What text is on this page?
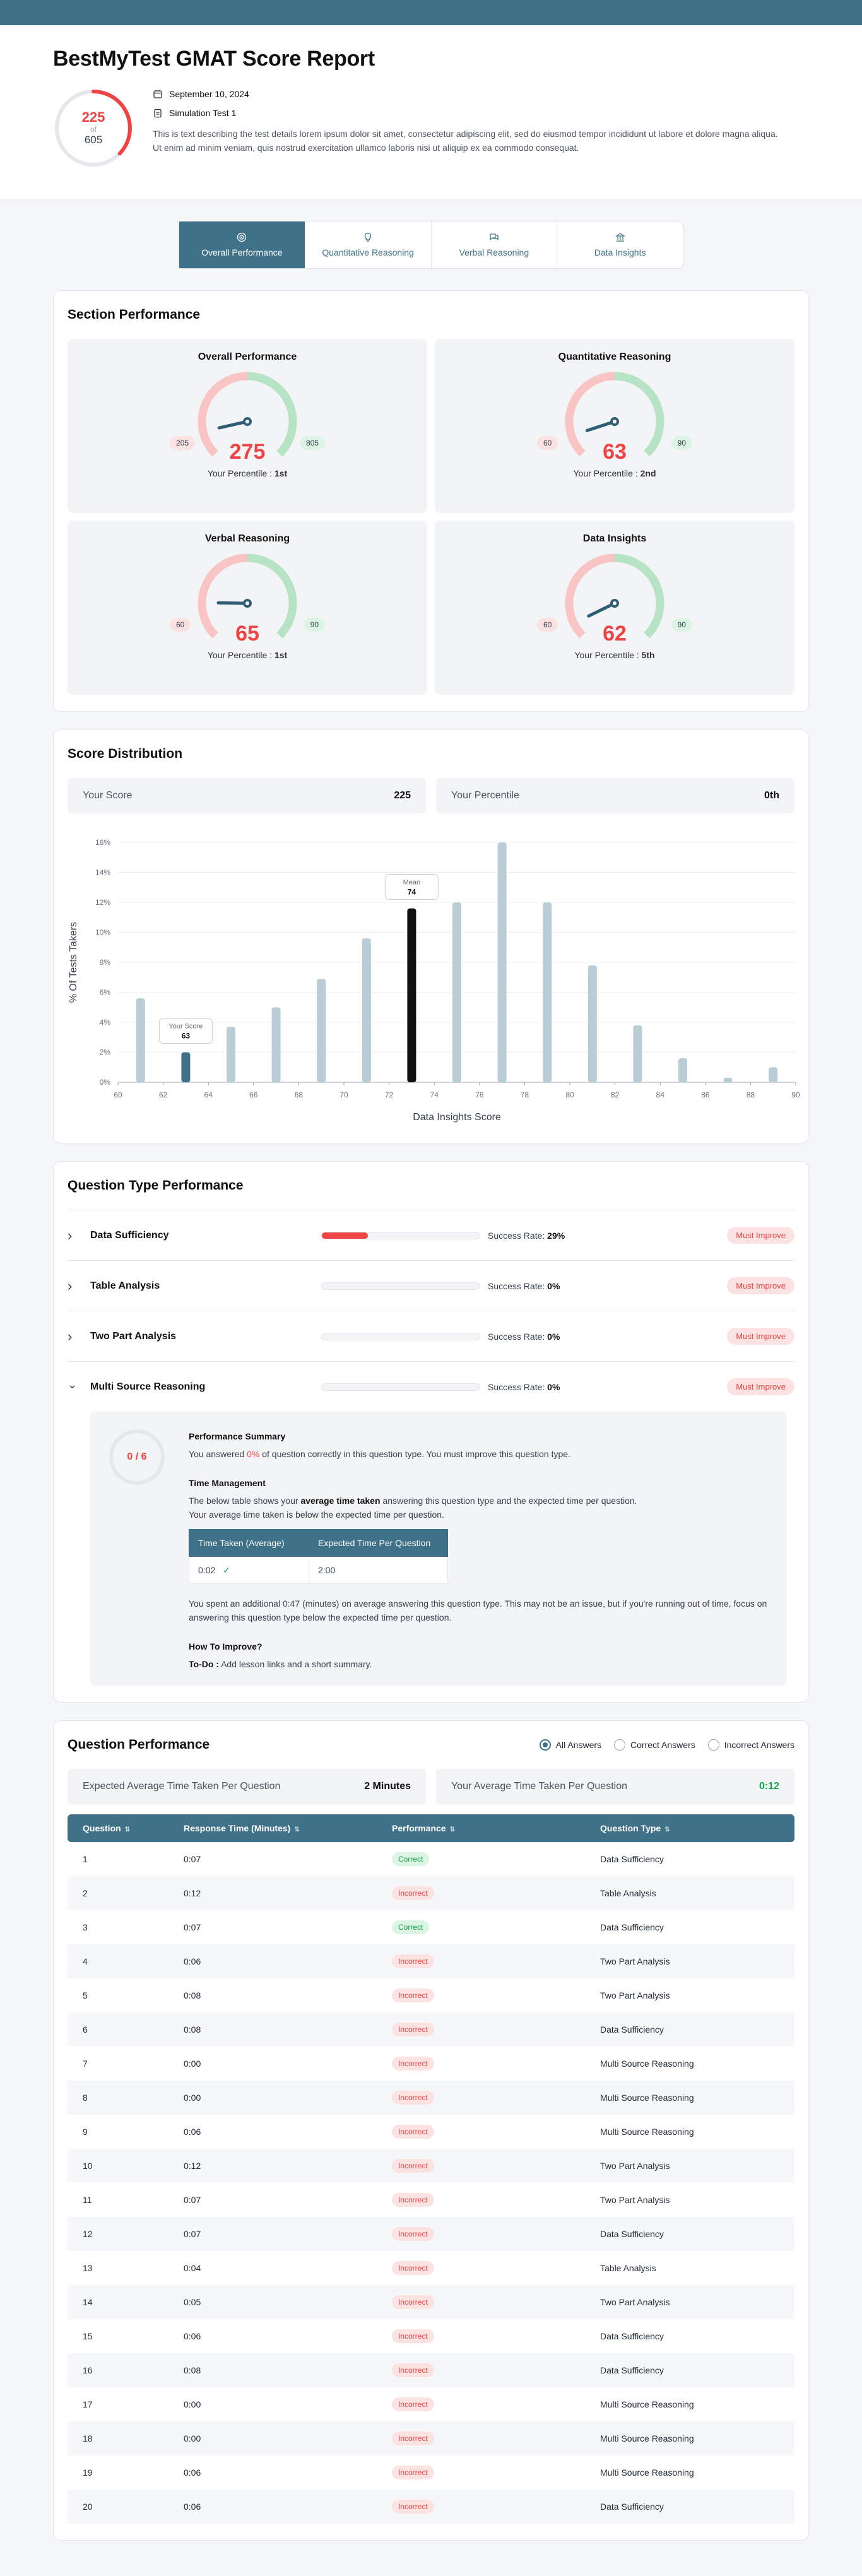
BestMyTest GMAT Score Report
225
of
605
September 10, 2024
Simulation Test 1
This is text describing the test details lorem ipsum dolor sit amet, consectetur adipiscing elit, sed do eiusmod tempor incididunt ut labore et dolore magna aliqua. Ut enim ad minim veniam, quis nostrud exercitation ullamco laboris nisi ut aliquip ex ea commodo consequat.
Overall Performance	Quantitative Reasoning	Verbal Reasoning	Data Insights
Section Performance
Overall Performance
205	805
275
Your Percentile : 1st
Quantitative Reasoning
60	90
63
Your Percentile : 2nd
Verbal Reasoning
60	90
65
Your Percentile : 1st
Data Insights
60	90
62
Your Percentile : 5th
Score Distribution
Your Score	225	Your Percentile	0th
0%
2%
4%
6%
8%
10%
12%
14%
16%
60	62	64	66	68	70	72	74	76	78	80	82	84	86	88	90
Your Score
63
Mean
74
Data Insights Score
% Of Tests Takers
Question Type Performance
›	Data Sufficiency	Success Rate: 29%	Must Improve
›	Table Analysis	Success Rate: 0%	Must Improve
›	Two Part Analysis	Success Rate: 0%	Must Improve
⌄	Multi Source Reasoning	Success Rate: 0%	Must Improve
0 / 6
Performance Summary
You answered 0% of question correctly in this question type. You must improve this question type.
Time Management
The below table shows your average time taken answering this question type and the expected time per question.
Your average time taken is below the expected time per question.
Time Taken (Average)	Expected Time Per Question
0:02 ✓	2:00
You spent an additional 0:47 (minutes) on average answering this question type. This may not be an issue, but if you're running out of time, focus on answering this question type below the expected time per question.
How To Improve?
To-Do : Add lesson links and a short summary.
Question Performance	All Answers	Correct Answers	Incorrect Answers
Expected Average Time Taken Per Question	2 Minutes	Your Average Time Taken Per Question	0:12
Question ⇅	Response Time (Minutes) ⇅	Performance ⇅	Question Type ⇅
1	0:07	Correct	Data Sufficiency
2	0:12	Incorrect	Table Analysis
3	0:07	Correct	Data Sufficiency
4	0:06	Incorrect	Two Part Analysis
5	0:08	Incorrect	Two Part Analysis
6	0:08	Incorrect	Data Sufficiency
7	0:00	Incorrect	Multi Source Reasoning
8	0:00	Incorrect	Multi Source Reasoning
9	0:06	Incorrect	Multi Source Reasoning
10	0:12	Incorrect	Two Part Analysis
11	0:07	Incorrect	Two Part Analysis
12	0:07	Incorrect	Data Sufficiency
13	0:04	Incorrect	Table Analysis
14	0:05	Incorrect	Two Part Analysis
15	0:06	Incorrect	Data Sufficiency
16	0:08	Incorrect	Data Sufficiency
17	0:00	Incorrect	Multi Source Reasoning
18	0:00	Incorrect	Multi Source Reasoning
19	0:06	Incorrect	Multi Source Reasoning
20	0:06	Incorrect	Data Sufficiency
